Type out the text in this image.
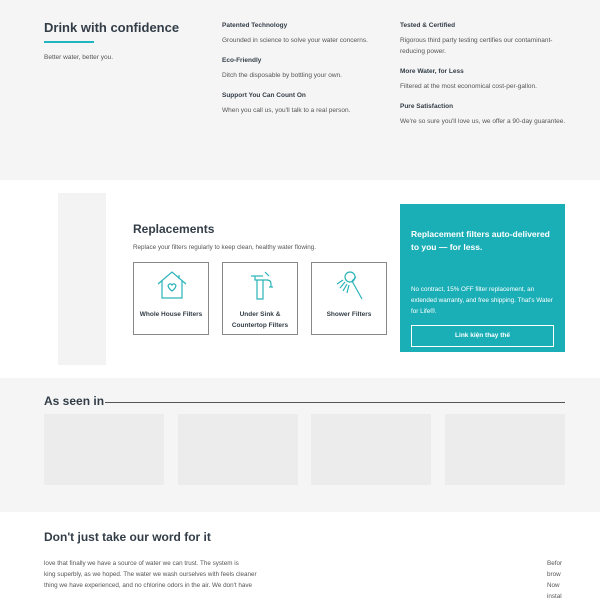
Drink with confidence

Better water, better you.

Patented Technology

Grounded in science to solve your water concerns.

Eco-Friendly

Ditch the disposable by bottling your own.

Support You Can Count On

When you call us, you'll talk to a real person.

Tested & Certified

Rigorous third party testing certifies our contaminant-reducing power.

More Water, for Less

Filtered at the most economical cost-per-gallon.

Pure Satisfaction

We're so sure you'll love us, we offer a 90-day guarantee.

Replacements

Replace your filters regularly to keep clean, healthy water flowing.

Whole House Filters	Under Sink & Countertop Filters
Shower Filters
Replacement filters auto-delivered to you — for less.
No contract, 15% OFF filter replacement, an extended warranty, and free shipping. That's Water for Life®.
Link kiện thay thế
As seen in
Don't just take our word for it
love that finally we have a source of water we can trust. The system is
king superbly, as we hoped. The water we wash ourselves with feels cleaner
thing we have experienced, and no chlorine odors in the air. We don't have
Befor
brow
Now
instal
